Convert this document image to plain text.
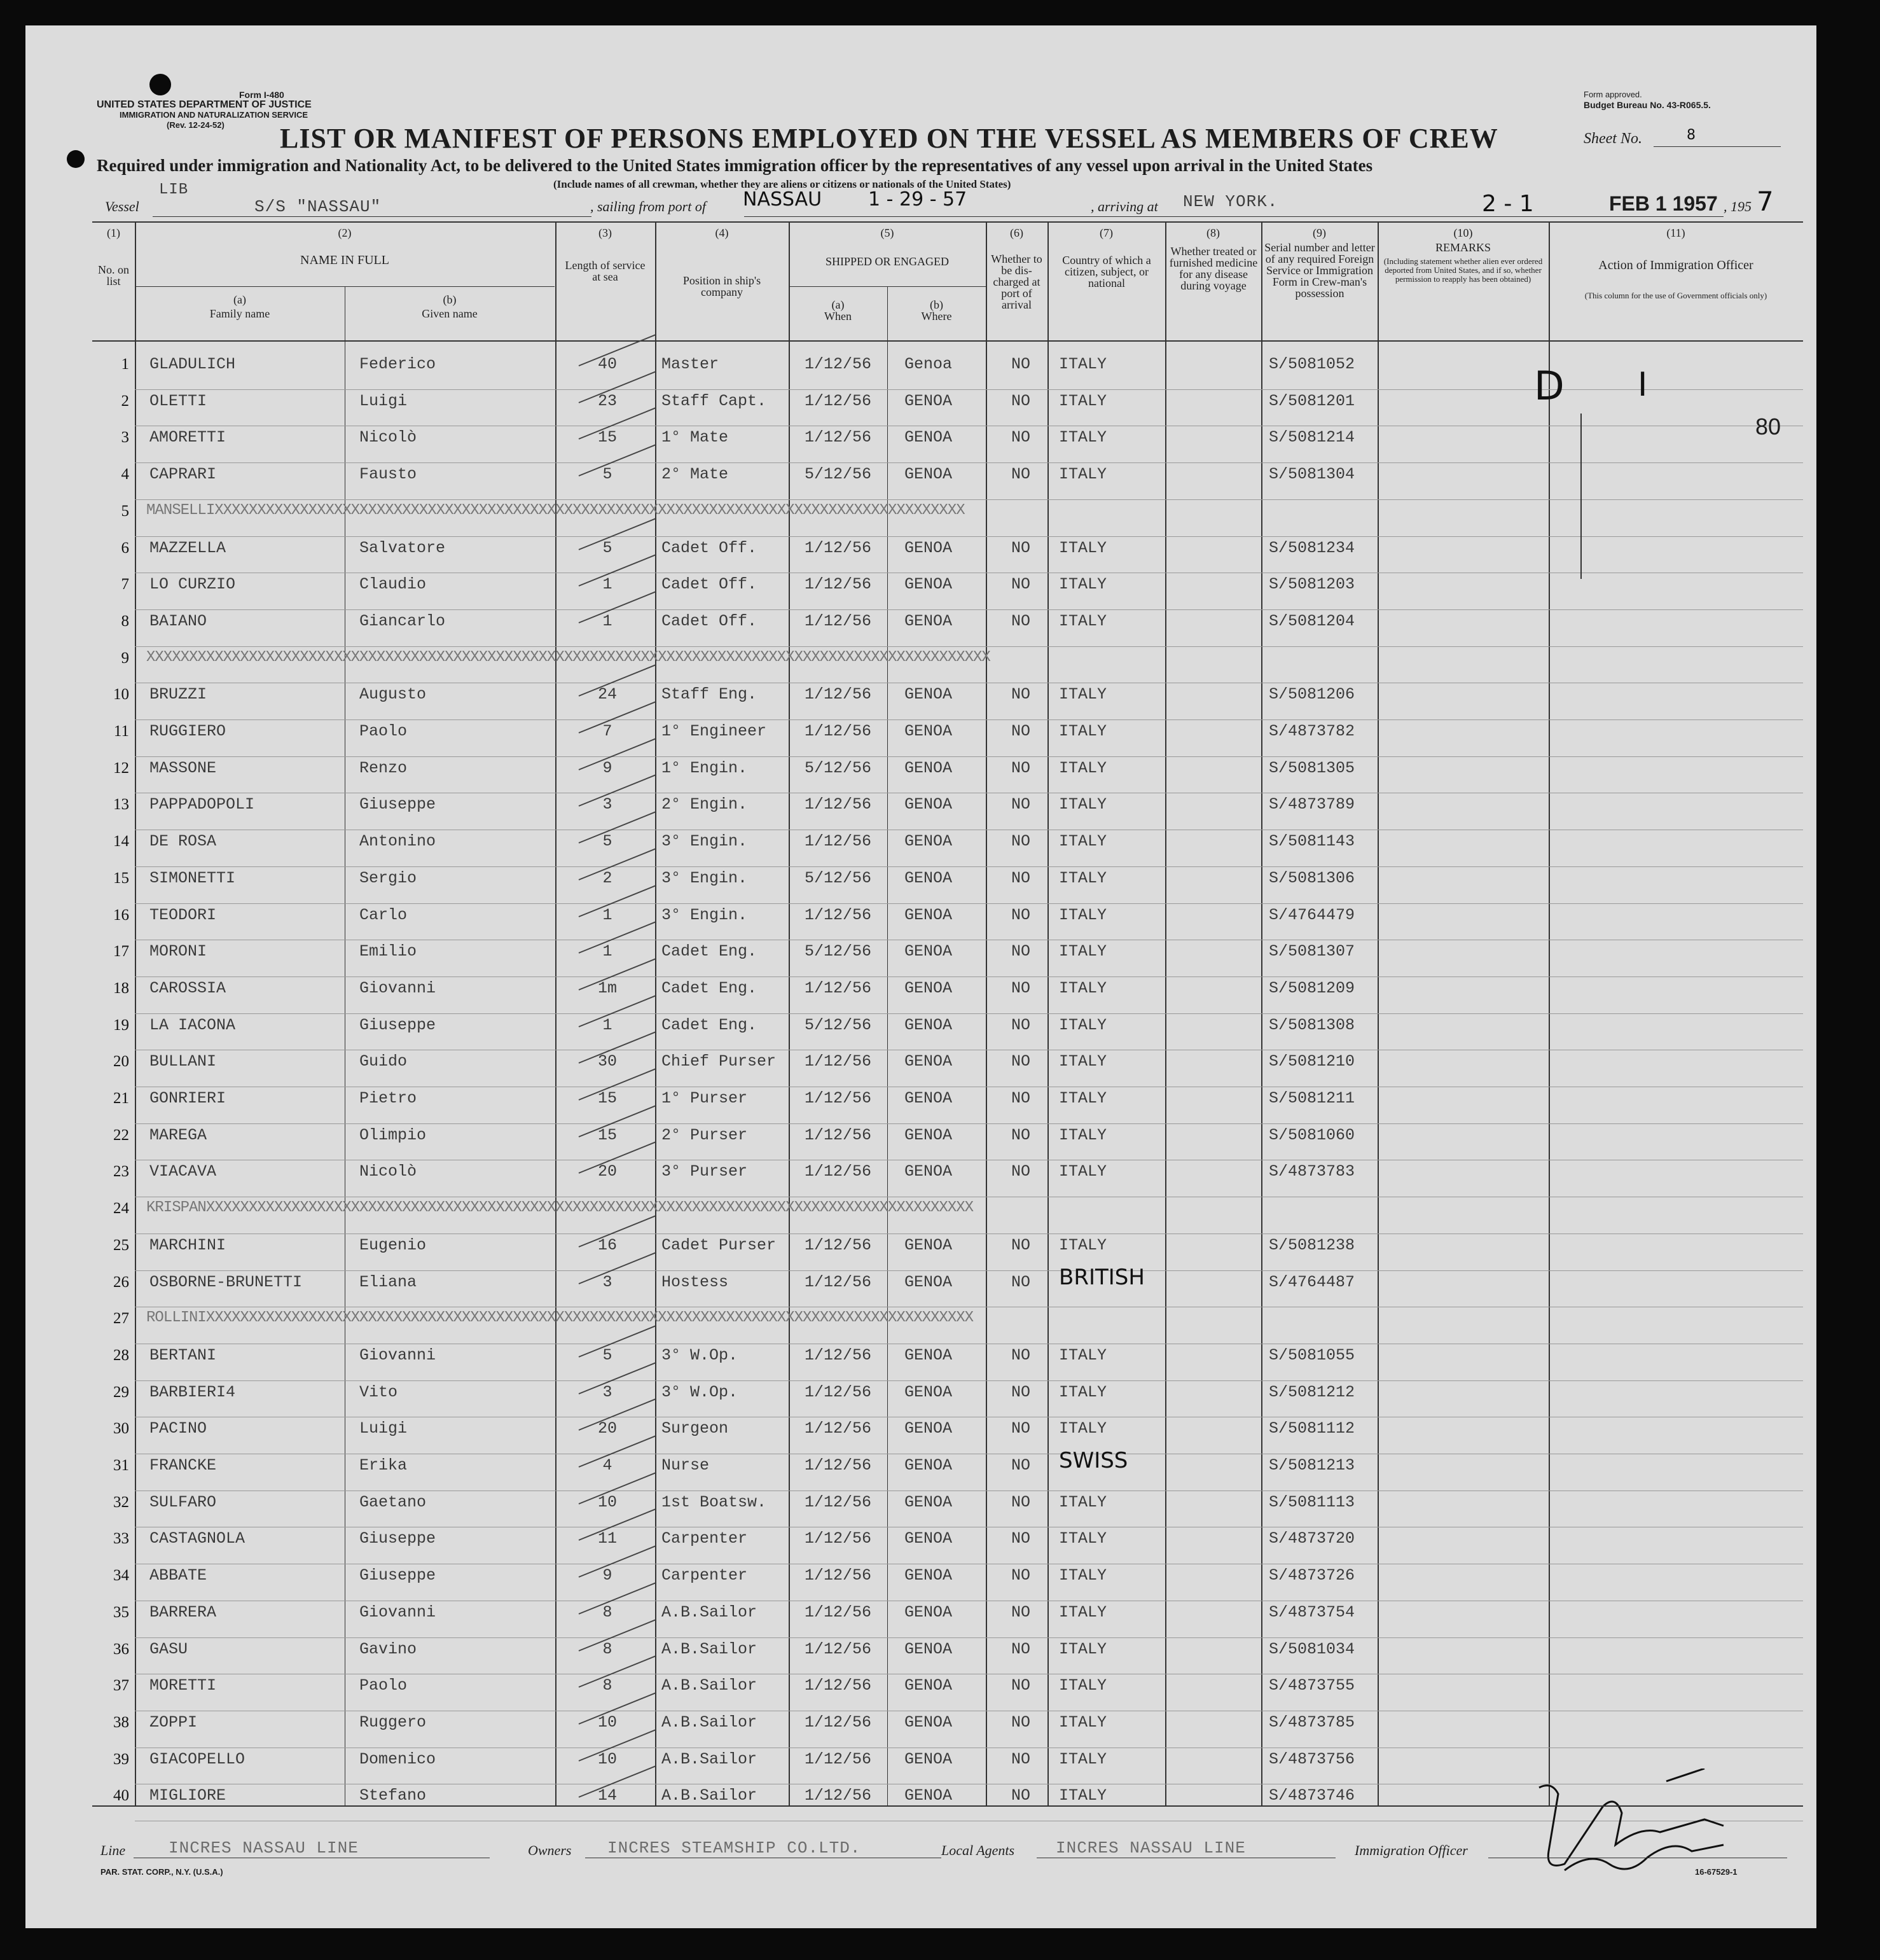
Form I-480
UNITED STATES DEPARTMENT OF JUSTICE
IMMIGRATION AND NATURALIZATION SERVICE
(Rev. 12-24-52)
Form approved.
Budget Bureau No. 43-R065.5.
Sheet No.	8
LIST OR MANIFEST OF PERSONS EMPLOYED ON THE VESSEL AS MEMBERS OF CREW
Required under immigration and Nationality Act, to be delivered to the United States immigration officer by the representatives of any vessel upon arrival in the United States
(Include names of all crewman, whether they are aliens or citizens or nationals of the United States)
Vessel
LIB
S/S "NASSAU"	, sailing from port of NASSAU 1 - 29 - 57	, arriving at NEW YORK.	2 - 1	FEB 1 1957 , 195 7
(1)	(2)	(3)	(4)	(5)	(6)	(7)	(8)	(9)	(10)	(11)
No. on list
NAME IN FULL
(a)
Family name
(b)
Given name
Length of service at sea	Position in ship's company
SHIPPED OR ENGAGED
(a)
When
(b)
Where
Whether to be dis-charged at port of arrival
Country of which a citizen, subject, or national
Whether treated or furnished medicine for any disease during voyage
Serial number and letter of any required Foreign Service or Immigration Form in Crew-man's possession
REMARKS
(Including statement whether alien ever ordered deported from United States, and if so, whether permission to reapply has been obtained)
Action of Immigration Officer
(This column for the use of Government officials only)
1 GLADULICH	Federico	40	Master	1/12/56	Genoa	NO	ITALY	S/5081052
2 OLETTI	Luigi	23	Staff Capt.	1/12/56	GENOA	NO	ITALY	S/5081201
3 AMORETTI	Nicolò	15	1° Mate	1/12/56	GENOA	NO	ITALY	S/5081214
4 CAPRARI	Fausto	5	2° Mate	5/12/56	GENOA	NO	ITALY	S/5081304
5 MANSELLIXXXXXXXXXXXXXXXXXXXXXXXXXXXXXXXXXXXXXXXXXXXXXXXXXXXXXXXXXXXXXXXXXXXXXXXXXXXXXXXXXXXXXXXX
6 MAZZELLA	Salvatore	5	Cadet Off.	1/12/56	GENOA	NO	ITALY	S/5081234
7 LO CURZIO	Claudio	1	Cadet Off.	1/12/56	GENOA	NO	ITALY	S/5081203
8 BAIANO	Giancarlo	1	Cadet Off.	1/12/56	GENOA	NO	ITALY	S/5081204
9 XXXXXXXXXXXXXXXXXXXXXXXXXXXXXXXXXXXXXXXXXXXXXXXXXXXXXXXXXXXXXXXXXXXXXXXXXXXXXXXXXXXXXXXXXXXXXXXXXXX
10 BRUZZI	Augusto	24	Staff Eng.	1/12/56	GENOA	NO	ITALY	S/5081206
11 RUGGIERO	Paolo	7	1° Engineer	1/12/56	GENOA	NO	ITALY	S/4873782
12 MASSONE	Renzo	9	1° Engin.	5/12/56	GENOA	NO	ITALY	S/5081305
13 PAPPADOPOLI	Giuseppe	3	2° Engin.	1/12/56	GENOA	NO	ITALY	S/4873789
14 DE ROSA	Antonino	5	3° Engin.	1/12/56	GENOA	NO	ITALY	S/5081143
15 SIMONETTI	Sergio	2	3° Engin.	5/12/56	GENOA	NO	ITALY	S/5081306
16 TEODORI	Carlo	1	3° Engin.	1/12/56	GENOA	NO	ITALY	S/4764479
17 MORONI	Emilio	1	Cadet Eng.	5/12/56	GENOA	NO	ITALY	S/5081307
18 CAROSSIA	Giovanni	1m	Cadet Eng.	1/12/56	GENOA	NO	ITALY	S/5081209
19 LA IACONA	Giuseppe	1	Cadet Eng.	5/12/56	GENOA	NO	ITALY	S/5081308
20 BULLANI	Guido	30	Chief Purser	1/12/56	GENOA	NO	ITALY	S/5081210
21 GONRIERI	Pietro	15	1° Purser	1/12/56	GENOA	NO	ITALY	S/5081211
22 MAREGA	Olimpio	15	2° Purser	1/12/56	GENOA	NO	ITALY	S/5081060
23 VIACAVA	Nicolò	20	3° Purser	1/12/56	GENOA	NO	ITALY	S/4873783
24 KRISPANXXXXXXXXXXXXXXXXXXXXXXXXXXXXXXXXXXXXXXXXXXXXXXXXXXXXXXXXXXXXXXXXXXXXXXXXXXXXXXXXXXXXXXXXXX
25 MARCHINI	Eugenio	16	Cadet Purser	1/12/56	GENOA	NO	ITALY	S/5081238
26 OSBORNE-BRUNETTI	Eliana	3	Hostess	1/12/56	GENOA	NO	BRITISH	S/4764487
27 ROLLINIXXXXXXXXXXXXXXXXXXXXXXXXXXXXXXXXXXXXXXXXXXXXXXXXXXXXXXXXXXXXXXXXXXXXXXXXXXXXXXXXXXXXXXXXXX
28 BERTANI	Giovanni	5	3° W.Op.	1/12/56	GENOA	NO	ITALY	S/5081055
29 BARBIERI4	Vito	3	3° W.Op.	1/12/56	GENOA	NO	ITALY	S/5081212
30 PACINO	Luigi	20	Surgeon	1/12/56	GENOA	NO	ITALY	S/5081112
31 FRANCKE	Erika	4	Nurse	1/12/56	GENOA	NO	SWISS	S/5081213
32 SULFARO	Gaetano	10	1st Boatsw.	1/12/56	GENOA	NO	ITALY	S/5081113
33 CASTAGNOLA	Giuseppe	11	Carpenter	1/12/56	GENOA	NO	ITALY	S/4873720
34 ABBATE	Giuseppe	9	Carpenter	1/12/56	GENOA	NO	ITALY	S/4873726
35 BARRERA	Giovanni	8	A.B.Sailor	1/12/56	GENOA	NO	ITALY	S/4873754
36 GASU	Gavino	8	A.B.Sailor	1/12/56	GENOA	NO	ITALY	S/5081034
37 MORETTI	Paolo	8	A.B.Sailor	1/12/56	GENOA	NO	ITALY	S/4873755
38 ZOPPI	Ruggero	10	A.B.Sailor	1/12/56	GENOA	NO	ITALY	S/4873785
39 GIACOPELLO	Domenico	10	A.B.Sailor	1/12/56	GENOA	NO	ITALY	S/4873756
40 MIGLIORE	Stefano	14	A.B.Sailor	1/12/56	GENOA	NO	ITALY	S/4873746
D I
80
Line	INCRES NASSAU LINE	Owners INCRES STEAMSHIP CO.LTD.	Local Agents INCRES NASSAU LINE	Immigration Officer
PAR. STAT. CORP., N.Y. (U.S.A.)	16-67529-1
